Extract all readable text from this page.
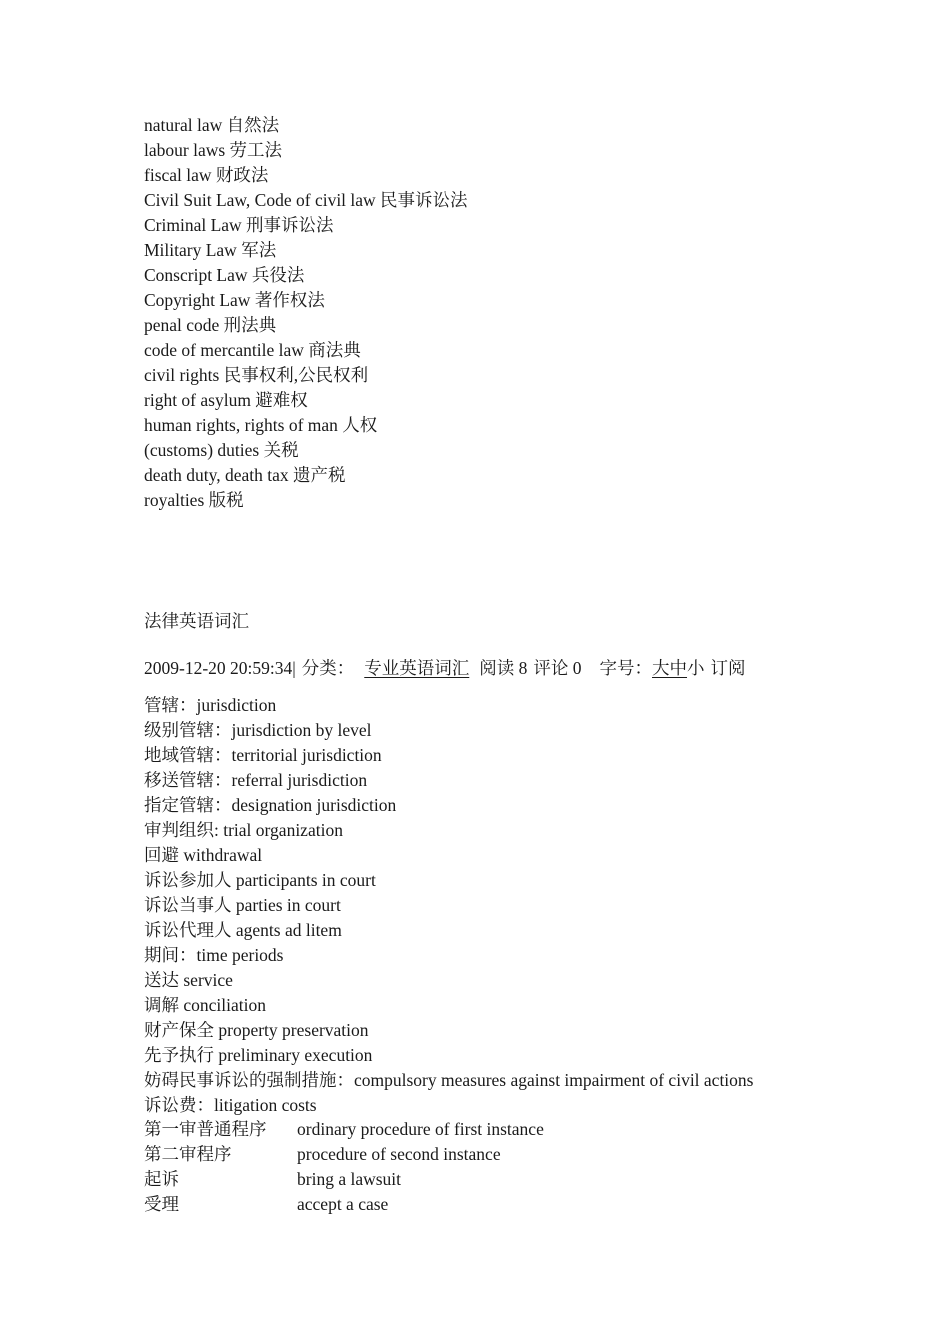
natural law 自然法
labour laws 劳工法
fiscal law 财政法
Civil Suit Law, Code of civil law 民事诉讼法
Criminal Law 刑事诉讼法
Military Law 军法
Conscript Law 兵役法
Copyright Law 著作权法
penal code 刑法典
code of mercantile law 商法典
civil rights 民事权利,公民权利
right of asylum 避难权
human rights, rights of man 人权
(customs) duties 关税
death duty, death tax 遗产税
royalties 版税
法律英语词汇
2009-12-20 20:59:34| 分类： 专业英语词汇 阅读 8 评论 0 字号：大中小 订阅
管辖：jurisdiction
级别管辖：jurisdiction by level
地域管辖：territorial jurisdiction
移送管辖：referral jurisdiction
指定管辖：designation jurisdiction
审判组织: trial organization
回避 withdrawal
诉讼参加人 participants in court
诉讼当事人 parties in court
诉讼代理人 agents ad litem
期间：time periods
送达 service
调解 conciliation
财产保全 property preservation
先予执行 preliminary execution
妨碍民事诉讼的强制措施：compulsory measures against impairment of civil actions
诉讼费：litigation costs
第一审普通程序	ordinary procedure of first instance
第二审程序	procedure of second instance
起诉	bring a lawsuit
受理	accept a case
